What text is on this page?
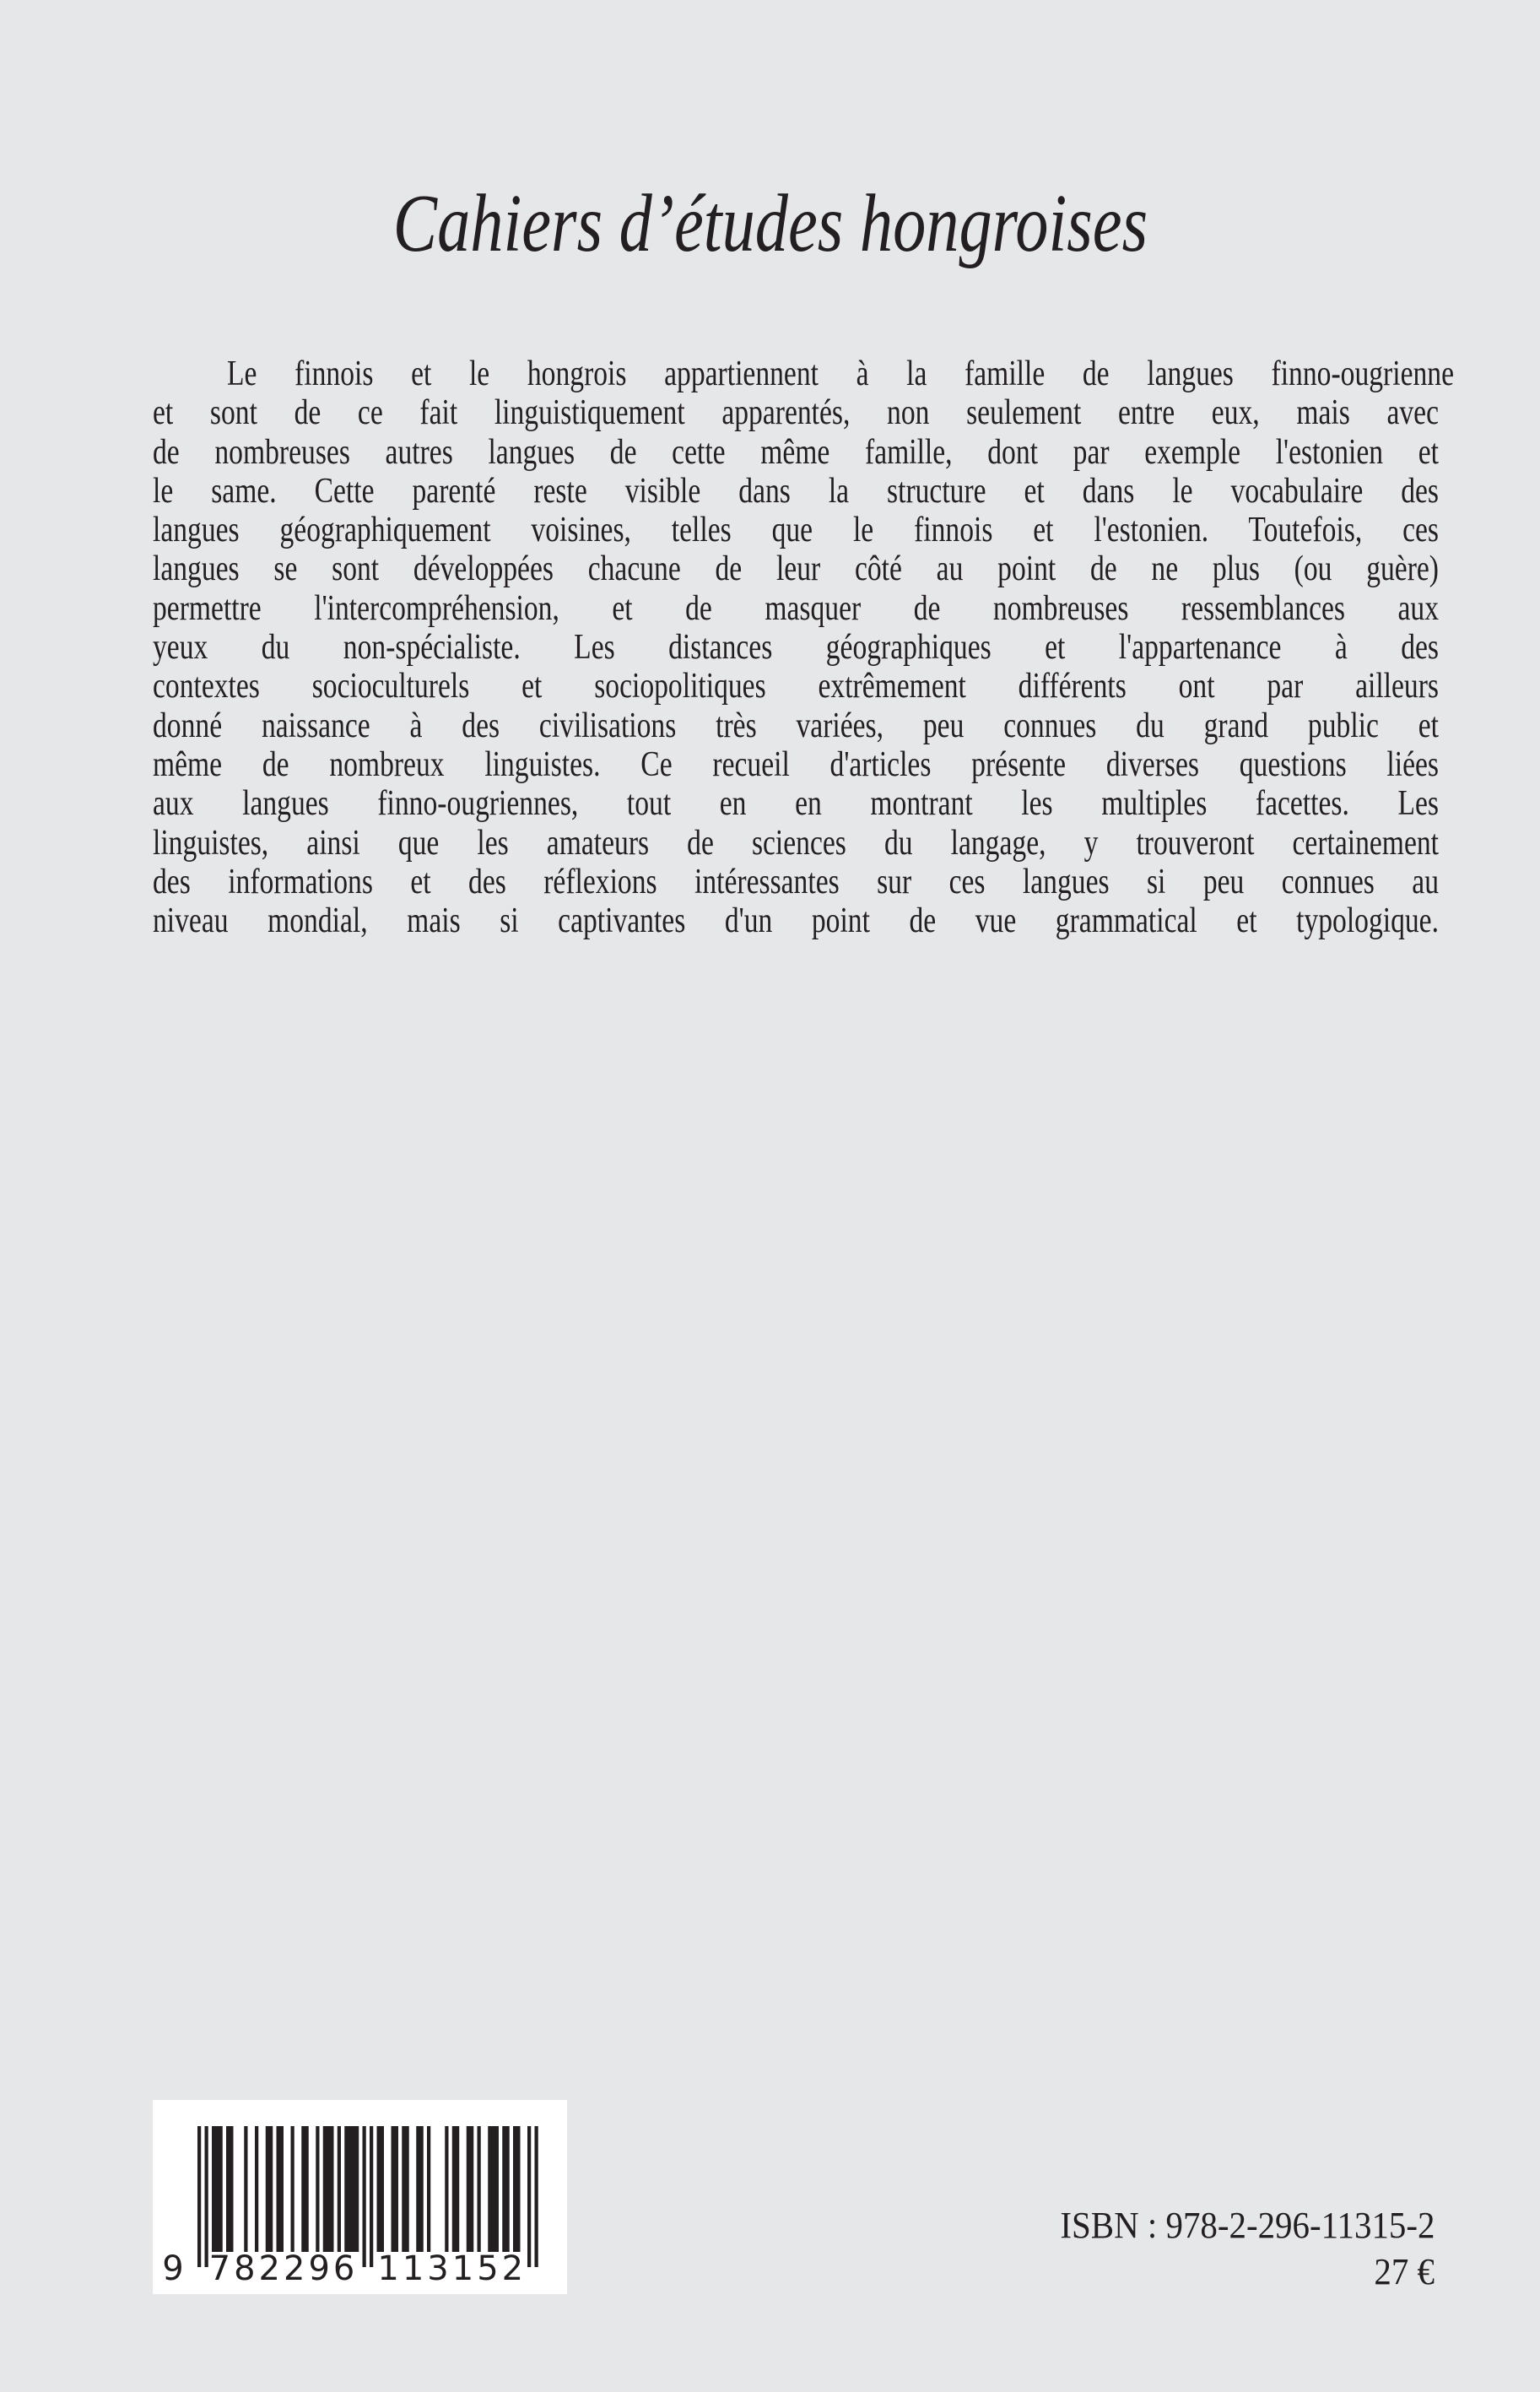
Cahiers d’études hongroises
Le finnois et le hongrois appartiennent à la famille de langues finno-ougrienne
et sont de ce fait linguistiquement apparentés, non seulement entre eux, mais avec
de nombreuses autres langues de cette même famille, dont par exemple l'estonien et
le same. Cette parenté reste visible dans la structure et dans le vocabulaire des
langues géographiquement voisines, telles que le finnois et l'estonien. Toutefois, ces
langues se sont développées chacune de leur côté au point de ne plus (ou guère)
permettre l'intercompréhension, et de masquer de nombreuses ressemblances aux
yeux du non-spécialiste. Les distances géographiques et l'appartenance à des
contextes socioculturels et sociopolitiques extrêmement différents ont par ailleurs
donné naissance à des civilisations très variées, peu connues du grand public et
même de nombreux linguistes. Ce recueil d'articles présente diverses questions liées
aux langues finno-ougriennes, tout en en montrant les multiples facettes. Les
linguistes, ainsi que les amateurs de sciences du langage, y trouveront certainement
des informations et des réflexions intéressantes sur ces langues si peu connues au
niveau mondial, mais si captivantes d'un point de vue grammatical et typologique.
9 782296 113152
ISBN : 978-2-296-11315-2
27 €
